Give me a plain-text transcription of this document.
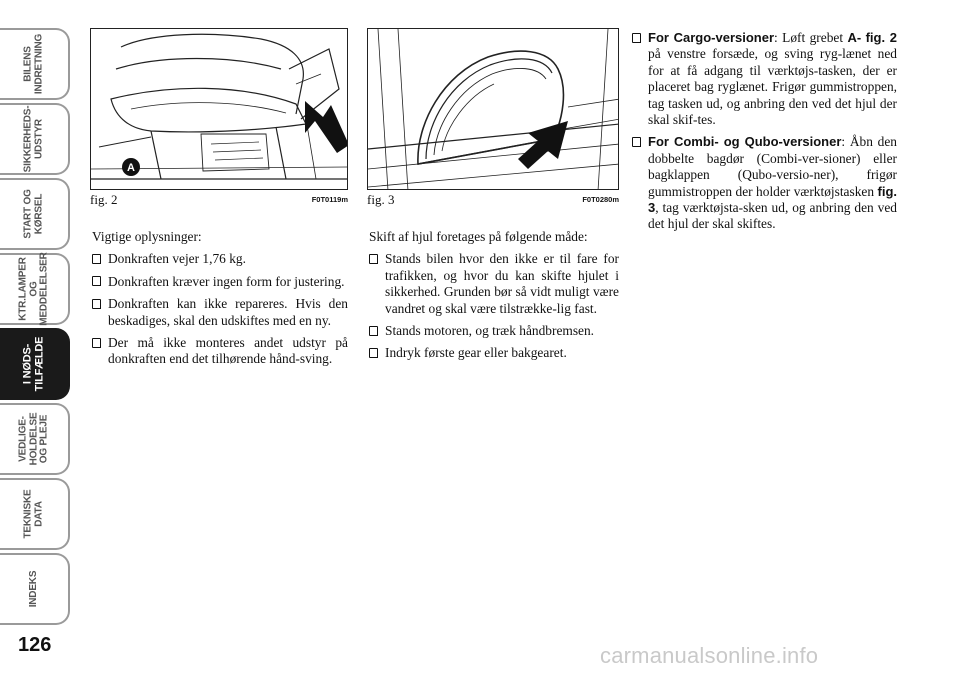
BILENS
INDRETNING
SIKKERHEDS-
UDSTYR
START OG
KØRSEL
KTR.LAMPER
OG
MEDDELELSER
I NØDS-
TILFÆLDE
VEDLIGE-
HOLDELSE
OG PLEJE
TEKNISKE
DATA
INDEKS
126
A
fig. 2	F0T0119m fig. 3	F0T0280m

Vigtige oplysninger:

Donkraften vejer 1,76 kg.
Donkraften kræver ingen form for justering.
Donkraften kan ikke repareres. Hvis den beskadiges, skal den udskiftes med en ny.
Der må ikke monteres andet udstyr på donkraften end det tilhørende hånd-sving.

Skift af hjul foretages på følgende måde:

Stands bilen hvor den ikke er til fare for trafikken, og hvor du kan skifte hjulet i sikkerhed. Grunden bør så vidt muligt være vandret og skal være tilstrække-lig fast.
Stands motoren, og træk håndbremsen.
Indryk første gear eller bakgearet.
For Cargo-versioner: Løft grebet A- fig. 2 på venstre forsæde, og sving ryg-lænet ned for at få adgang til værktøjs-tasken, der er placeret bag ryglænet. Frigør gummistroppen, tag tasken ud, og anbring den ved det hjul der skal skif-tes.
For Combi- og Qubo-versioner: Åbn den dobbelte bagdør (Combi-ver-sioner) eller bagklappen (Qubo-versio-ner), frigør gummistroppen der holder værktøjstasken fig. 3, tag værktøjsta-sken ud, og anbring den ved det hjul der skal skiftes.
carmanualsonline.info
